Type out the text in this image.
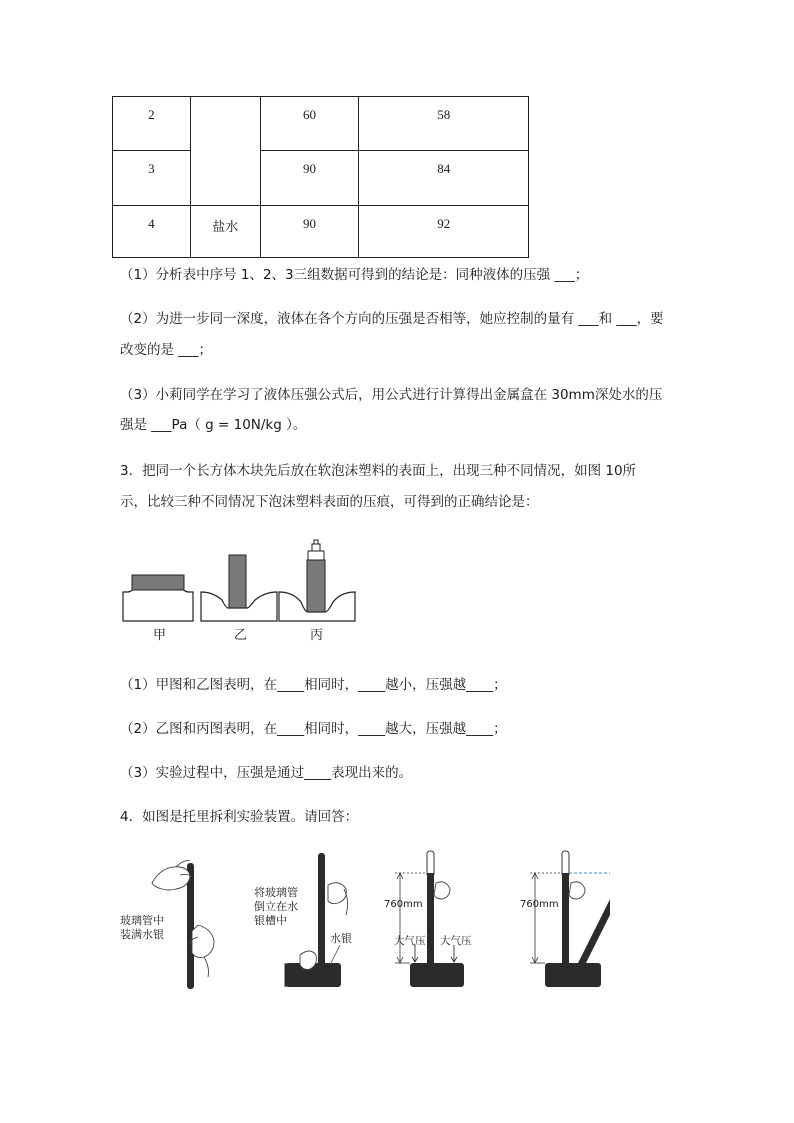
2		60	58
3		90	84
4	盐水	90	92
（1）分析表中序号 1、2、3三组数据可得到的结论是：同种液体的压强 ___；
（2）为进一步同一深度，液体在各个方向的压强是否相等，她应控制的量有 ___和 ___，要
改变的是 ___；
（3）小莉同学在学习了液体压强公式后，用公式进行计算得出金属盒在 30mm深处水的压
强是 ___Pa（ g = 10N/kg ）。
3．把同一个长方体木块先后放在软泡沫塑料的表面上，出现三种不同情况，如图 10所
示，比较三种不同情况下泡沫塑料表面的压痕，可得到的正确结论是：
甲	乙	丙
（1）甲图和乙图表明，在____相同时，____越小，压强越____；
（2）乙图和丙图表明，在____相同时，____越大，压强越____；
（3）实验过程中，压强是通过____表现出来的。
4．如图是托里拆利实验装置。请回答：
玻璃管中
装满水银
将玻璃管
倒立在水
银槽中
水银
760mm
大气压 大气压
760mm
